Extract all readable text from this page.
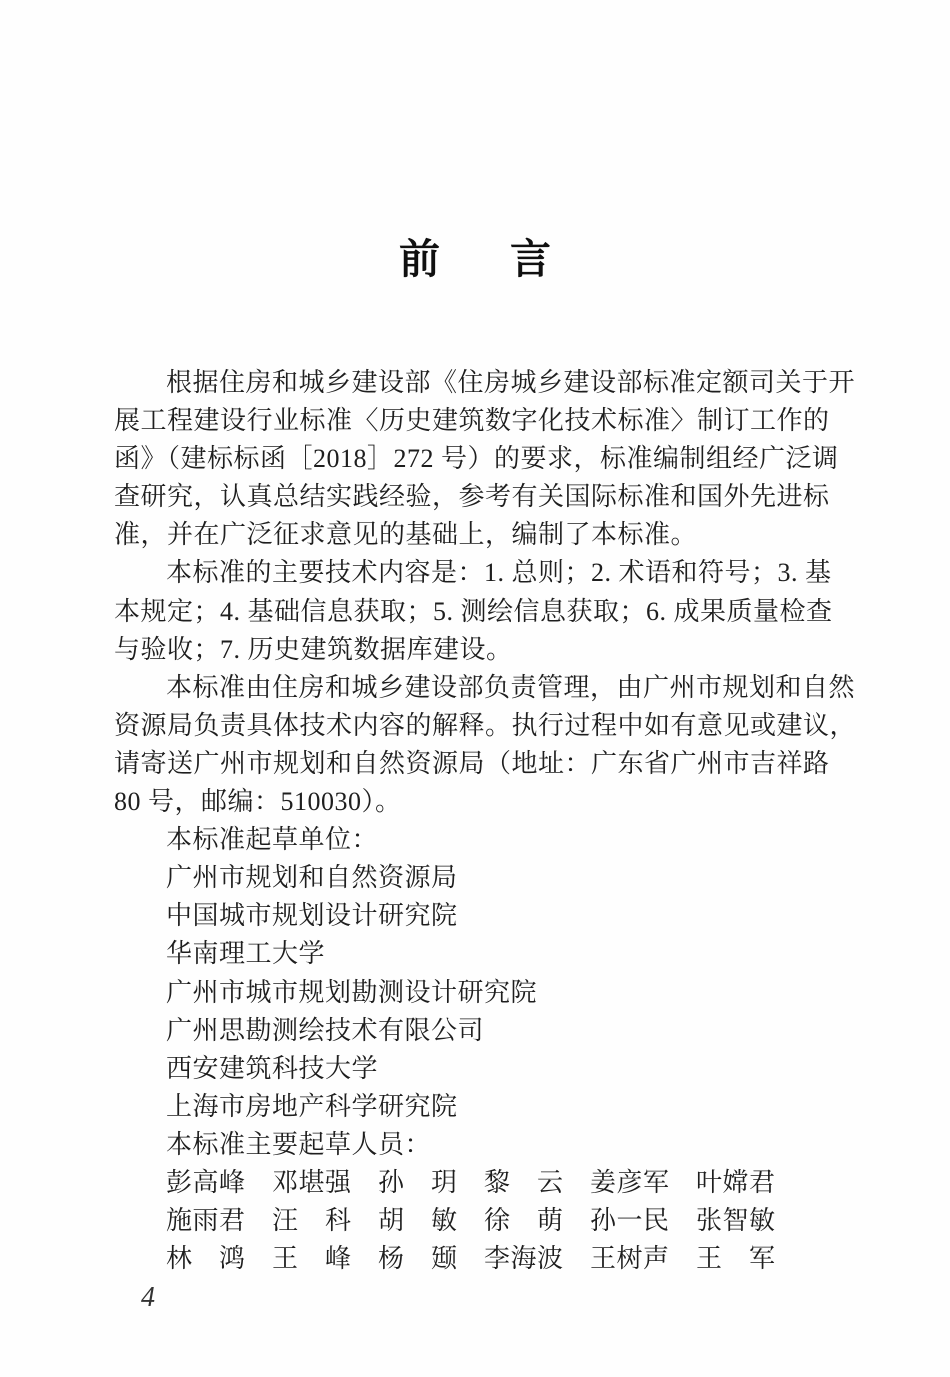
前 言
根据住房和城乡建设部《住房城乡建设部标准定额司关于开
展工程建设行业标准〈历史建筑数字化技术标准〉制订工作的
函》（建标标函［2018］272 号）的要求，标准编制组经广泛调
查研究，认真总结实践经验，参考有关国际标准和国外先进标
准，并在广泛征求意见的基础上，编制了本标准。
本标准的主要技术内容是：1. 总则；2. 术语和符号；3. 基
本规定；4. 基础信息获取；5. 测绘信息获取；6. 成果质量检查
与验收；7. 历史建筑数据库建设。
本标准由住房和城乡建设部负责管理，由广州市规划和自然
资源局负责具体技术内容的解释。执行过程中如有意见或建议，
请寄送广州市规划和自然资源局（地址：广东省广州市吉祥路
80 号，邮编：510030）。
本标准起草单位：
广州市规划和自然资源局
中国城市规划设计研究院
华南理工大学
广州市城市规划勘测设计研究院
广州思勘测绘技术有限公司
西安建筑科技大学
上海市房地产科学研究院
本标准主要起草人员：
彭高峰　邓堪强　孙　玥　黎　云　姜彦军　叶嫦君
施雨君　汪　科　胡　敏　徐　萌　孙一民　张智敏
林　鸿　王　峰　杨　颋　李海波　王树声　王　军
4
